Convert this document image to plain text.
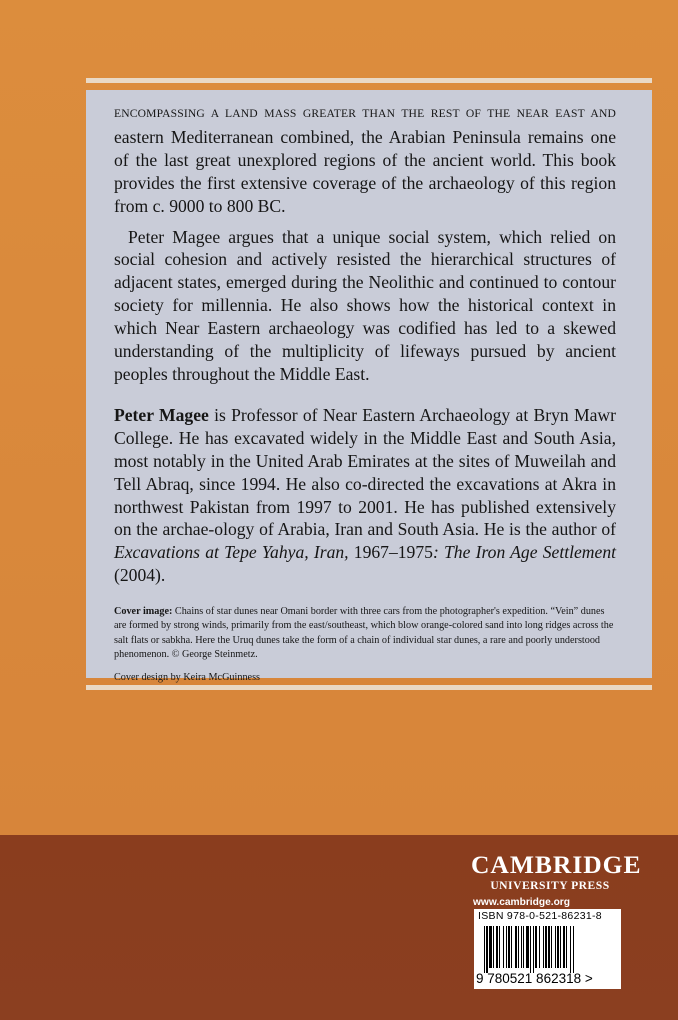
ENCOMPASSING A LAND MASS GREATER THAN THE REST OF THE NEAR EAST AND eastern Mediterranean combined, the Arabian Peninsula remains one of the last great unexplored regions of the ancient world. This book provides the first extensive coverage of the archaeology of this region from c. 9000 to 800 BC.

Peter Magee argues that a unique social system, which relied on social cohesion and actively resisted the hierarchical structures of adjacent states, emerged during the Neolithic and continued to contour society for millennia. He also shows how the historical context in which Near Eastern archaeology was codified has led to a skewed understanding of the multiplicity of lifeways pursued by ancient peoples throughout the Middle East.

Peter Magee is Professor of Near Eastern Archaeology at Bryn Mawr College. He has excavated widely in the Middle East and South Asia, most notably in the United Arab Emirates at the sites of Muweilah and Tell Abraq, since 1994. He also co-directed the excavations at Akra in northwest Pakistan from 1997 to 2001. He has published extensively on the archae-ology of Arabia, Iran and South Asia. He is the author of Excavations at Tepe Yahya, Iran, 1967–1975: The Iron Age Settlement (2004).

Cover image: Chains of star dunes near Omani border with three cars from the photographer's expedition. “Vein” dunes are formed by strong winds, primarily from the east/southeast, which blow orange-colored sand into long ridges across the salt flats or sabkha. Here the Uruq dunes take the form of a chain of individual star dunes, a rare and poorly understood phenomenon. © George Steinmetz.

Cover design by Keira McGuinness

CAMBRIDGE
UNIVERSITY PRESS
www.cambridge.org
ISBN 978-0-521-86231-8
9 780521 862318 >
